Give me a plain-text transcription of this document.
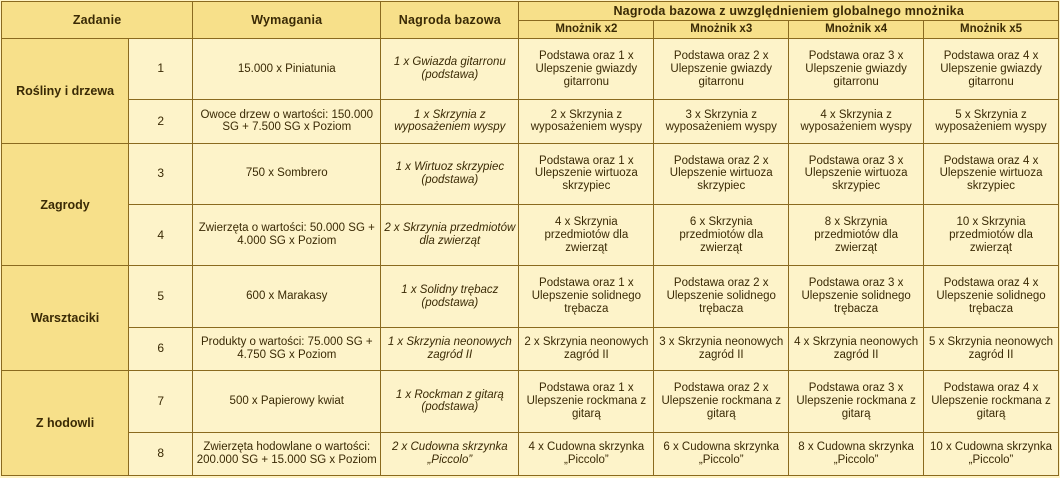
Zadanie		Wymagania	Nagroda bazowa	Nagroda bazowa z uwzględnieniem globalnego mnożnika			
				Mnożnik x2	Mnożnik x3	Mnożnik x4	Mnożnik x5
Rośliny i drzewa	1	15.000 x Piniatunia	1 x Gwiazda gitarronu (podstawa)	Podstawa oraz 1 x Ulepszenie gwiazdy gitarronu	Podstawa oraz 2 x Ulepszenie gwiazdy gitarronu	Podstawa oraz 3 x Ulepszenie gwiazdy gitarronu	Podstawa oraz 4 x Ulepszenie gwiazdy gitarronu
	2	Owoce drzew o wartości: 150.000 SG + 7.500 SG x Poziom	1 x Skrzynia z wyposażeniem wyspy	2 x Skrzynia z wyposażeniem wyspy	3 x Skrzynia z wyposażeniem wyspy	4 x Skrzynia z wyposażeniem wyspy	5 x Skrzynia z wyposażeniem wyspy
Zagrody	3	750 x Sombrero	1 x Wirtuoz skrzypiec (podstawa)	Podstawa oraz 1 x Ulepszenie wirtuoza skrzypiec	Podstawa oraz 2 x Ulepszenie wirtuoza skrzypiec	Podstawa oraz 3 x Ulepszenie wirtuoza skrzypiec	Podstawa oraz 4 x Ulepszenie wirtuoza skrzypiec
	4	Zwierzęta o wartości: 50.000 SG + 4.000 SG x Poziom	2 x Skrzynia przedmiotów dla zwierząt	4 x Skrzynia przedmiotów dla zwierząt	6 x Skrzynia przedmiotów dla zwierząt	8 x Skrzynia przedmiotów dla zwierząt	10 x Skrzynia przedmiotów dla zwierząt
Warsztaciki	5	600 x Marakasy	1 x Solidny trębacz (podstawa)	Podstawa oraz 1 x Ulepszenie solidnego trębacza	Podstawa oraz 2 x Ulepszenie solidnego trębacza	Podstawa oraz 3 x Ulepszenie solidnego trębacza	Podstawa oraz 4 x Ulepszenie solidnego trębacza
	6	Produkty o wartości: 75.000 SG + 4.750 SG x Poziom	1 x Skrzynia neonowych zagród II	2 x Skrzynia neonowych zagród II	3 x Skrzynia neonowych zagród II	4 x Skrzynia neonowych zagród II	5 x Skrzynia neonowych zagród II
Z hodowli	7	500 x Papierowy kwiat	1 x Rockman z gitarą (podstawa)	Podstawa oraz 1 x Ulepszenie rockmana z gitarą	Podstawa oraz 2 x Ulepszenie rockmana z gitarą	Podstawa oraz 3 x Ulepszenie rockmana z gitarą	Podstawa oraz 4 x Ulepszenie rockmana z gitarą
	8	Zwierzęta hodowlane o wartości: 200.000 SG + 15.000 SG x Poziom	2 x Cudowna skrzynka „Piccolo”	4 x Cudowna skrzynka „Piccolo”	6 x Cudowna skrzynka „Piccolo”	8 x Cudowna skrzynka „Piccolo”	10 x Cudowna skrzynka „Piccolo”
